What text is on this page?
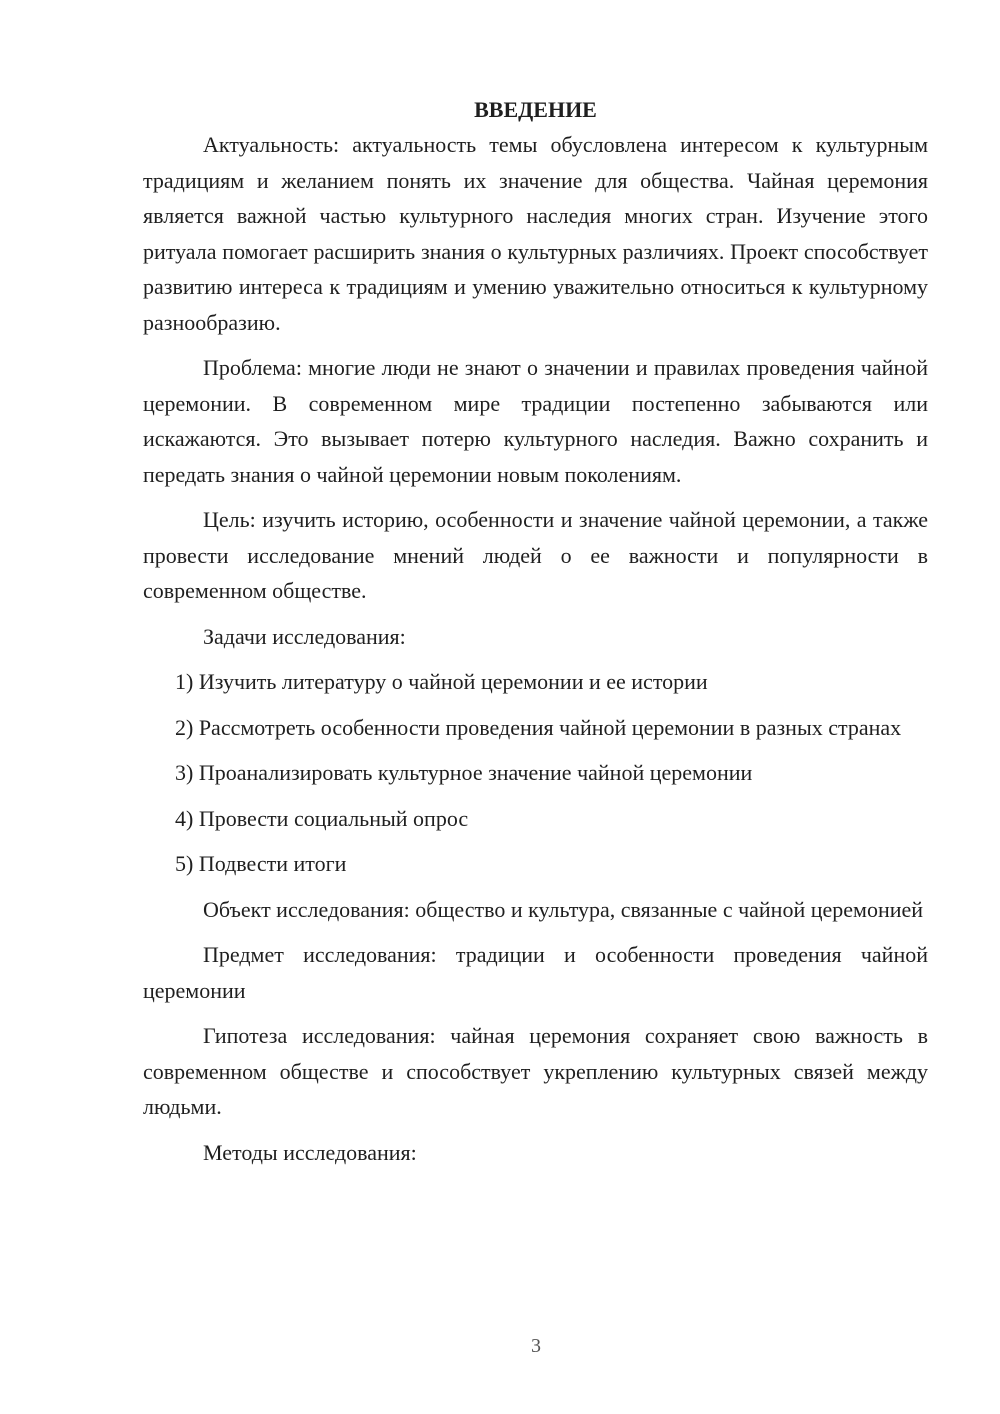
ВВЕДЕНИЕ

Актуальность: актуальность темы обусловлена интересом к культурным традициям и желанием понять их значение для общества. Чайная церемония является важной частью культурного наследия многих стран. Изучение этого ритуала помогает расширить знания о культурных различиях. Проект способствует развитию интереса к традициям и умению уважительно относиться к культурному разнообразию.

Проблема: многие люди не знают о значении и правилах проведения чайной церемонии. В современном мире традиции постепенно забываются или искажаются. Это вызывает потерю культурного наследия. Важно сохранить и передать знания о чайной церемонии новым поколениям.

Цель: изучить историю, особенности и значение чайной церемонии, а также провести исследование мнений людей о ее важности и популярности в современном обществе.

Задачи исследования:

1) Изучить литературу о чайной церемонии и ее истории

2) Рассмотреть особенности проведения чайной церемонии в разных странах

3) Проанализировать культурное значение чайной церемонии

4) Провести социальный опрос

5) Подвести итоги

Объект исследования: общество и культура, связанные с чайной церемонией

Предмет исследования: традиции и особенности проведения чайной церемонии

Гипотеза исследования: чайная церемония сохраняет свою важность в современном обществе и способствует укреплению культурных связей между людьми.

Методы исследования:

3
